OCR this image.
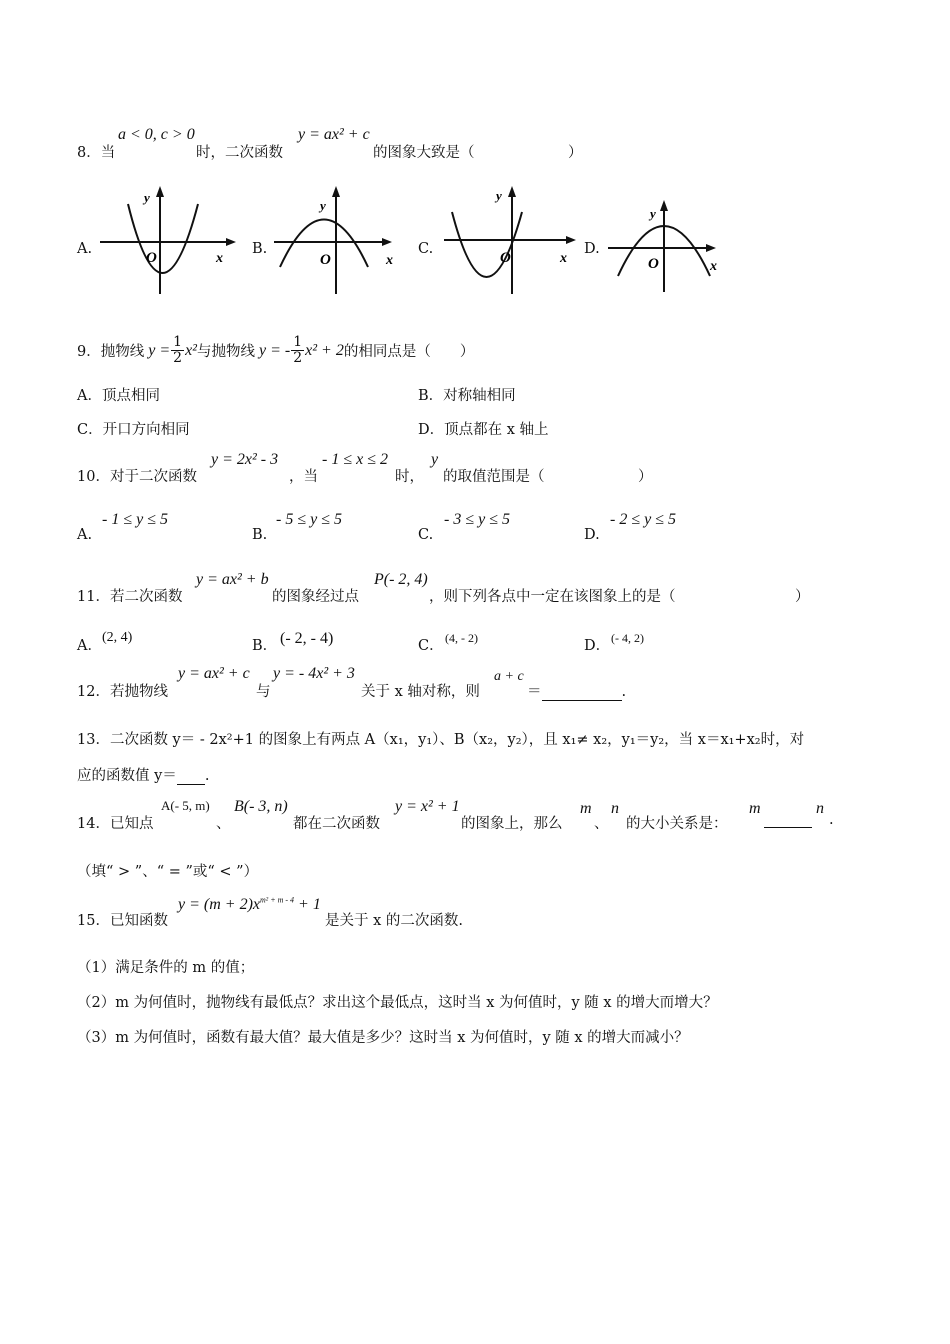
8．当
a < 0, c > 0
时，二次函数
y = ax² + c
的图象大致是（	）
A.
y
O	x
B.
y
O	x
C.
y
O	x
D.
y
O	x
9． 抛物线 $y = \frac{1}{2} x^2$ 与抛物线 y = - $\frac{1}{2} x^2 + 2$ 的相同点是（　　）
A．顶点相同	B．对称轴相同
C．开口方向相同	D．顶点都在 x 轴上
10．对于二次函数
y = 2x² - 3
，当
- 1 ≤ x ≤ 2
时，
y
的取值范围是（	）
A.
- 1 ≤ y ≤ 5
B.
- 5 ≤ y ≤ 5
C.
- 3 ≤ y ≤ 5
D.
- 2 ≤ y ≤ 5
11．若二次函数
y = ax² + b
的图象经过点
P(- 2, 4)
，则下列各点中一定在该图象上的是（	）
A．
(2, 4)
B． (- 2, - 4)	C． (4, - 2)	D． (- 4, 2)
12．若抛物线
y = ax² + c
与
y = - 4x² + 3
关于 x 轴对称，则
a + c
＝	.
13．二次函数 y＝ - 2x²+1 的图象上有两点 A（x₁，y₁）、B（x₂，y₂），且 x₁≠ x₂，y₁＝y₂，当 x＝x₁+x₂时，对
应的函数值 y＝ .
14．已知点
A(- 5, m)
、
B(- 3, n)
都在二次函数
y = x² + 1
的图象上，那么
m
、
n
的大小关系是：
m	n
.
（填“ > ”、“ = ”或“ < ”）
15．已知函数
$y = (m + 2)x^{m^2 + m - 4} + 1$
是关于 x 的二次函数.
（1）满足条件的 m 的值；
（2）m 为何值时，抛物线有最低点？求出这个最低点，这时当 x 为何值时，y 随 x 的增大而增大？
（3）m 为何值时，函数有最大值？最大值是多少？这时当 x 为何值时，y 随 x 的增大而减小？
